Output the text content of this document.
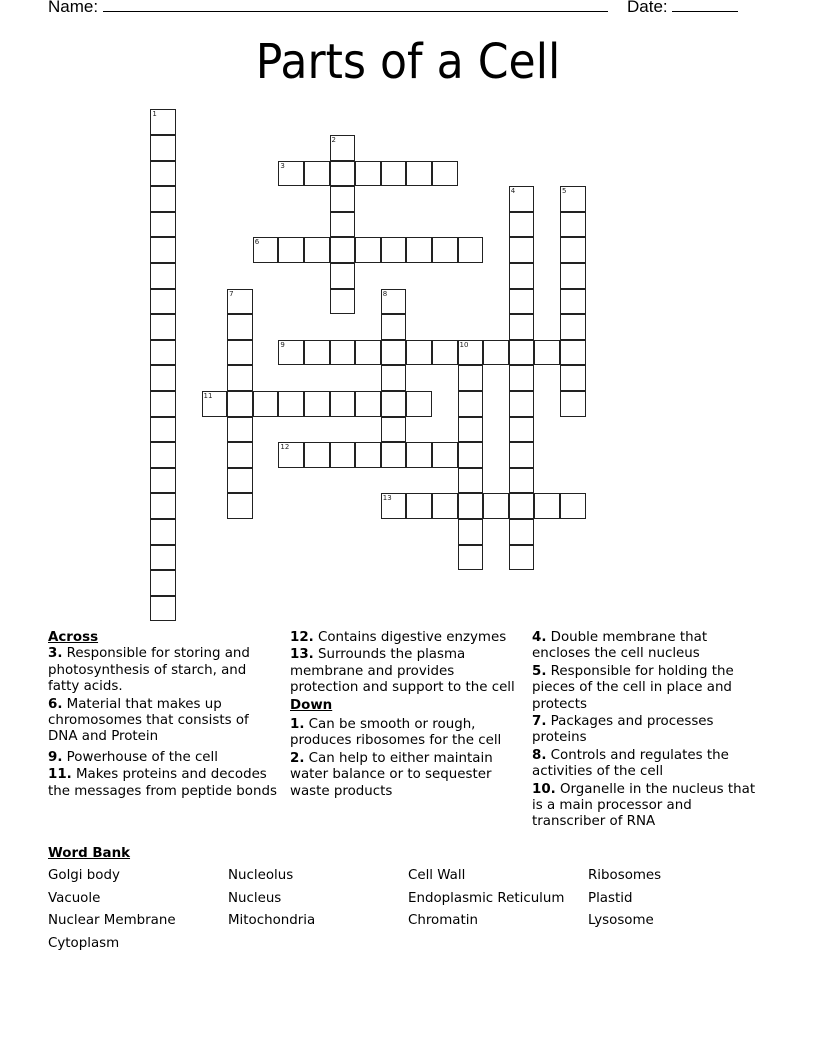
Name:	Date:
Parts of a Cell
1
2
3
4	5
6
7	8
9	10
11
12
13
Across
3. Responsible for storing and photosynthesis of starch, and fatty acids.
6. Material that makes up chromosomes that consists of DNA and Protein
9. Powerhouse of the cell
11. Makes proteins and decodes the messages from peptide bonds
12. Contains digestive enzymes
13. Surrounds the plasma membrane and provides protection and support to the cell
Down
1. Can be smooth or rough, produces ribosomes for the cell
2. Can help to either maintain water balance or to sequester waste products
4. Double membrane that encloses the cell nucleus
5. Responsible for holding the pieces of the cell in place and protects
7. Packages and processes proteins
8. Controls and regulates the activities of the cell
10. Organelle in the nucleus that is a main processor and transcriber of RNA
Word Bank
Golgi body	Nucleolus	Cell Wall	Ribosomes
Vacuole	Nucleus	Endoplasmic Reticulum	Plastid
Nuclear Membrane	Mitochondria	Chromatin	Lysosome
Cytoplasm
